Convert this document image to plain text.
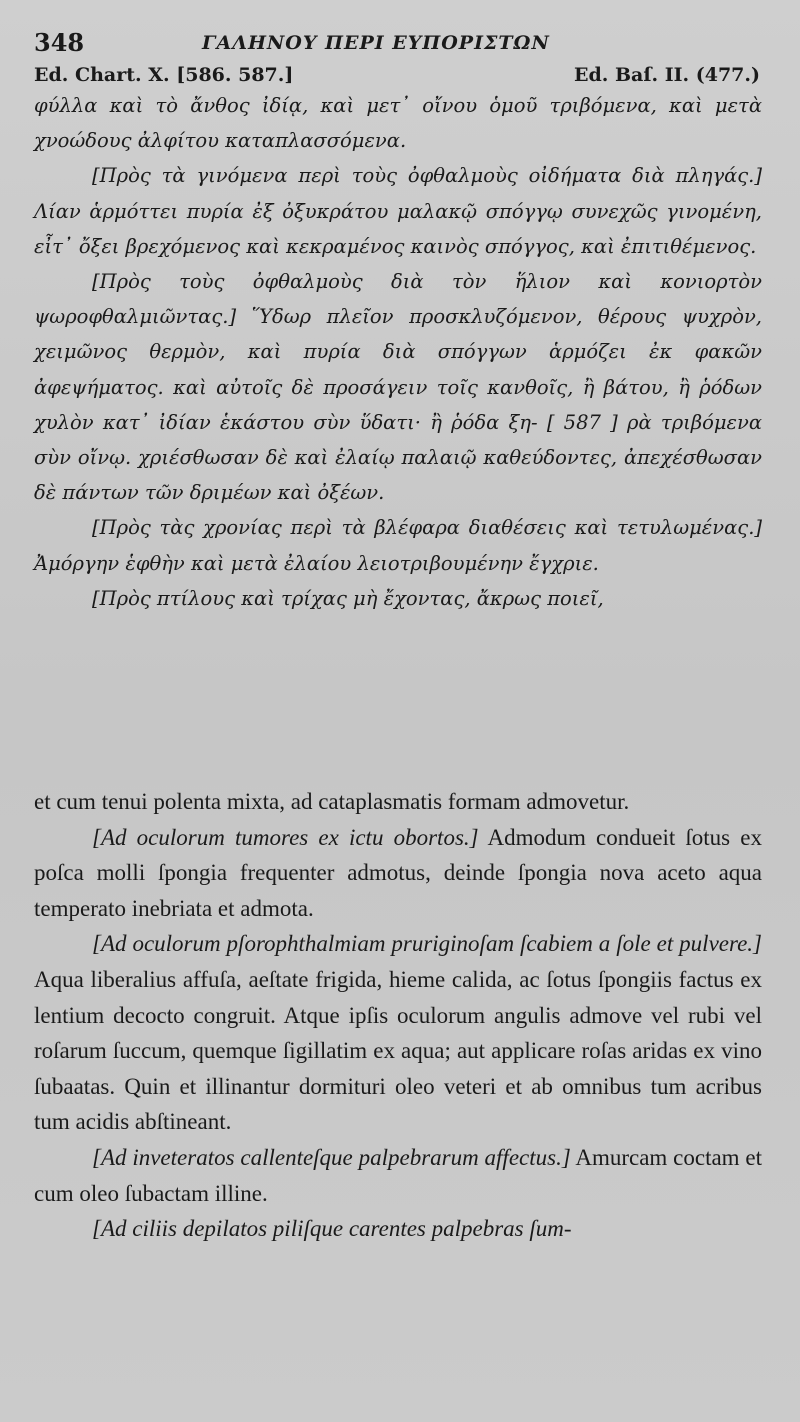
348	ΓΑΛΗΝΟΥ ΠΕΡΙ ΕΥΠΟΡΙΣΤΩΝ
Ed. Chart. X. [586. 587.]	Ed. Baſ. II. (477.)

φύλλα καὶ τὸ ἄνθος ἰδίᾳ, καὶ μετ᾽ οἴνου ὁμοῦ τριβόμενα, καὶ μετὰ χνοώδους ἀλφίτου καταπλασσόμενα.

[Πρὸς τὰ γινόμενα περὶ τοὺς ὀφθαλμοὺς οἰδήματα διὰ πληγάς.] Λίαν ἁρμόττει πυρία ἐξ ὀξυκράτου μαλακῷ σπόγγῳ συνεχῶς γινομένη, εἶτ᾽ ὄξει βρεχόμενος καὶ κεκραμένος καινὸς σπόγγος, καὶ ἐπιτιθέμενος.

[Πρὸς τοὺς ὀφθαλμοὺς διὰ τὸν ἥλιον καὶ κονιορτὸν ψωροφθαλμιῶντας.] Ὕδωρ πλεῖον προσκλυζόμενον, θέρους ψυχρὸν, χειμῶνος θερμὸν, καὶ πυρία διὰ σπόγγων ἁρμόζει ἐκ φακῶν ἀφεψήματος. καὶ αὐτοῖς δὲ προσάγειν τοῖς κανθοῖς, ἢ βάτου, ἢ ῥόδων χυλὸν κατ᾽ ἰδίαν ἑκάστου σὺν ὕδατι· ἢ ῥόδα ξη- [ 587 ] ρὰ τριβόμενα σὺν οἴνῳ. χριέσθωσαν δὲ καὶ ἐλαίῳ παλαιῷ καθεύδοντες, ἀπεχέσθωσαν δὲ πάντων τῶν δριμέων καὶ ὀξέων.

[Πρὸς τὰς χρονίας περὶ τὰ βλέφαρα διαθέσεις καὶ τετυλωμένας.] Ἀμόργην ἑφθὴν καὶ μετὰ ἐλαίου λειοτριβουμένην ἔγχριε.

[Πρὸς πτίλους καὶ τρίχας μὴ ἔχοντας, ἄκρως ποιεῖ,

et cum tenui polenta mixta, ad cataplasmatis formam admovetur.

[Ad oculorum tumores ex ictu obortos.] Admodum condueit ſotus ex poſca molli ſpongia frequenter admotus, deinde ſpongia nova aceto aqua temperato inebriata et admota.

[Ad oculorum pſorophthalmiam pruriginoſam ſcabiem a ſole et pulvere.] Aqua liberalius affuſa, aeſtate frigida, hieme calida, ac ſotus ſpongiis factus ex lentium decocto congruit. Atque ipſis oculorum angulis admove vel rubi vel roſarum ſuccum, quemque ſigillatim ex aqua; aut applicare roſas aridas ex vino ſubaatas. Quin et illinantur dormituri oleo veteri et ab omnibus tum acribus tum acidis abſtineant.

[Ad inveteratos callenteſque palpebrarum affectus.] Amurcam coctam et cum oleo ſubactam illine.

[Ad ciliis depilatos piliſque carentes palpebras ſum-
